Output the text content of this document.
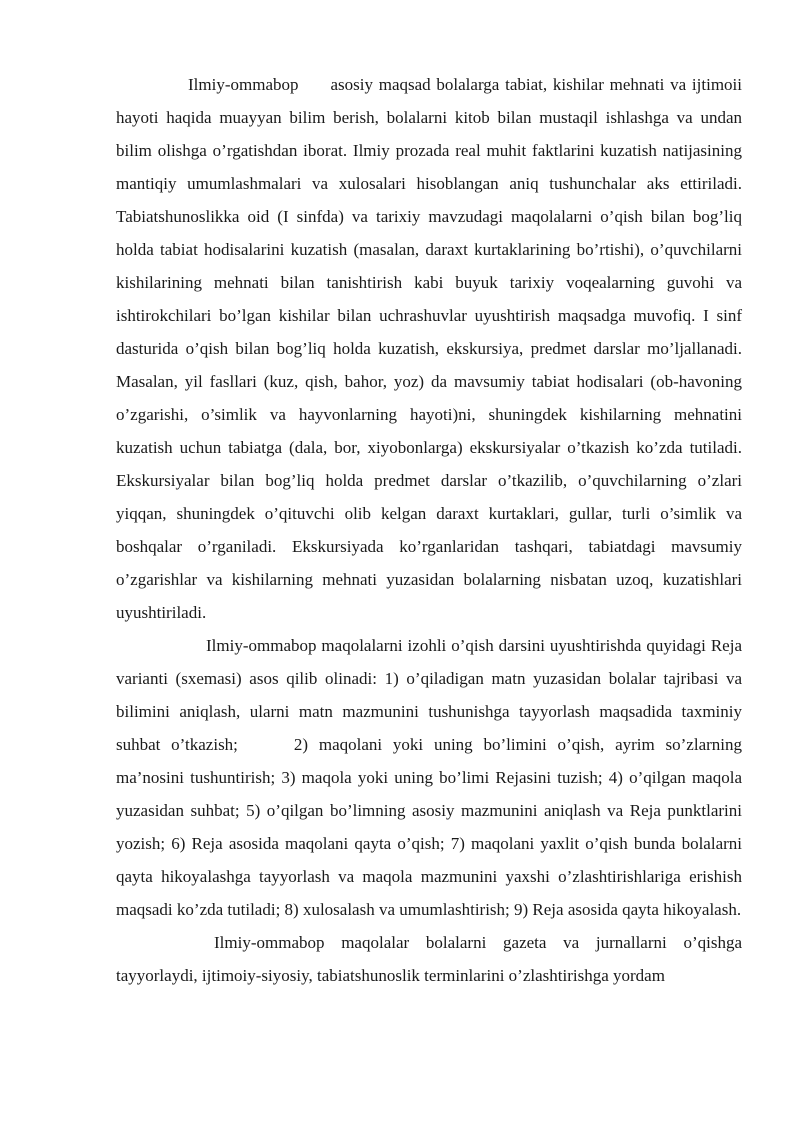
Ilmiy-ommabop asosiy maqsad bolalarga tabiat, kishilar mehnati va ijtimoii hayoti haqida muayyan bilim berish, bolalarni kitob bilan mustaqil ishlashga va undan bilim olishga o’rgatishdan iborat. Ilmiy prozada real muhit faktlarini kuzatish natijasining mantiqiy umumlashmalari va xulosalari hisoblangan aniq tushunchalar aks ettiriladi. Tabiatshunoslikka oid (I sinfda) va tarixiy mavzudagi maqolalarni o’qish bilan bog’liq holda tabiat hodisalarini kuzatish (masalan, daraxt kurtaklarining bo’rtishi), o’quvchilarni kishilarining mehnati bilan tanishtirish kabi buyuk tarixiy voqealarning guvohi va ishtirokchilari bo’lgan kishilar bilan uchrashuvlar uyushtirish maqsadga muvofiq. I sinf dasturida o’qish bilan bog’liq holda kuzatish, ekskursiya, predmet darslar mo’ljallanadi. Masalan, yil fasllari (kuz, qish, bahor, yoz) da mavsumiy tabiat hodisalari (ob-havoning o’zgarishi, o’simlik va hayvonlarning hayoti)ni, shuningdek kishilarning mehnatini kuzatish uchun tabiatga (dala, bor, xiyobonlarga) ekskursiyalar o’tkazish ko’zda tutiladi. Ekskursiyalar bilan bog’liq holda predmet darslar o’tkazilib, o’quvchilarning o’zlari yiqqan, shuningdek o’qituvchi olib kelgan daraxt kurtaklari, gullar, turli o’simlik va boshqalar o’rganiladi. Ekskursiyada ko’rganlaridan tashqari, tabiatdagi mavsumiy o’zgarishlar va kishilarning mehnati yuzasidan bolalarning nisbatan uzoq, kuzatishlari uyushtiriladi.

Ilmiy-ommabop maqolalarni izohli o’qish darsini uyushtirishda quyidagi Reja varianti (sxemasi) asos qilib olinadi: 1) o’qiladigan matn yuzasidan bolalar tajribasi va bilimini aniqlash, ularni matn mazmunini tushunishga tayyorlash maqsadida taxminiy suhbat o’tkazish;	2) maqolani yoki uning bo’limini o’qish, ayrim so’zlarning ma’nosini tushuntirish; 3) maqola yoki uning bo’limi Rejasini tuzish; 4) o’qilgan maqola yuzasidan suhbat; 5) o’qilgan bo’limning asosiy mazmunini aniqlash va Reja punktlarini yozish; 6) Reja asosida maqolani qayta o’qish; 7) maqolani yaxlit o’qish bunda bolalarni qayta hikoyalashga tayyorlash va maqola mazmunini yaxshi o’zlashtirishlariga erishish maqsadi ko’zda tutiladi; 8) xulosalash va umumlashtirish; 9) Reja asosida qayta hikoyalash.

Ilmiy-ommabop maqolalar bolalarni gazeta va jurnallarni o’qishga tayyorlaydi, ijtimoiy-siyosiy, tabiatshunoslik terminlarini o’zlashtirishga yordam
